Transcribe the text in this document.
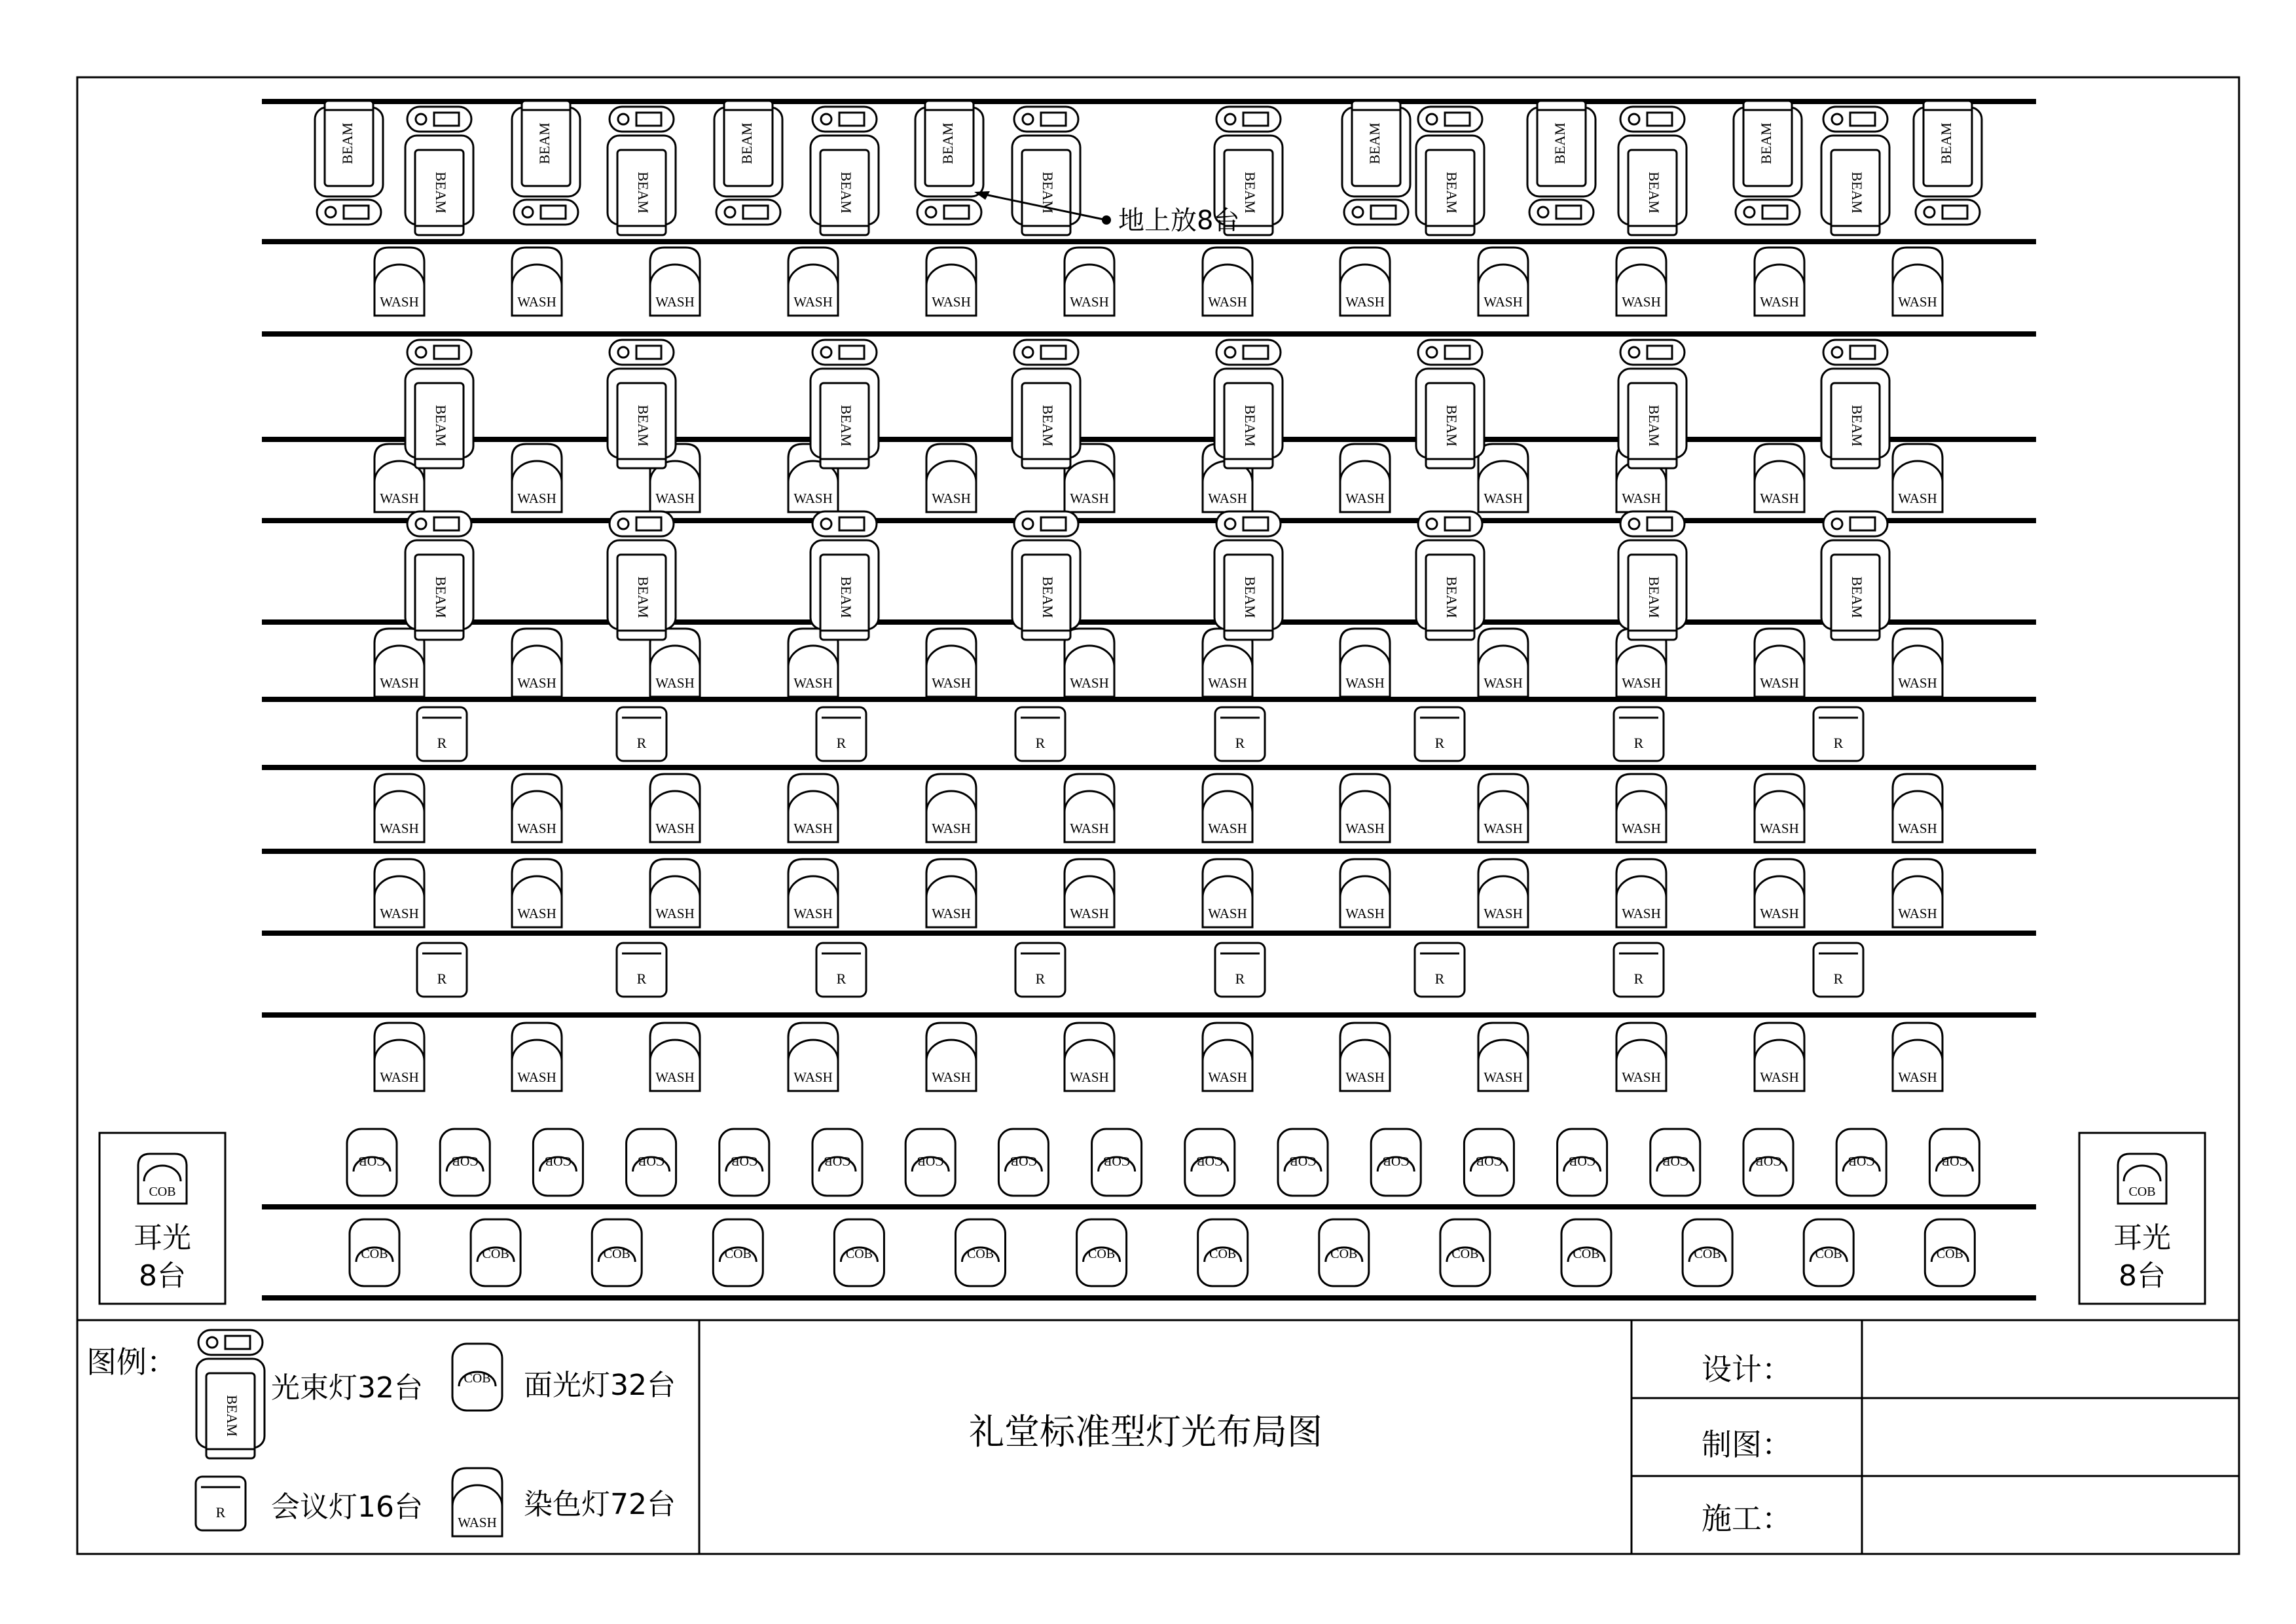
BEAM	BEAM	BEAM	BEAM	BEAM	BEAM	BEAM	BEAM
BEAM	BEAM	BEAM	BEAM	BEAM	BEAM	BEAM	BEAM
WASH	WASH	WASH	WASH	WASH	WASH	WASH	WASH	WASH	WASH	WASH	WASH
WASH	WASH	WASH	WASH	WASH	WASH	WASH	WASH	WASH	WASH	WASH	WASH
WASH	WASH	WASH	WASH	WASH	WASH	WASH	WASH	WASH	WASH	WASH	WASH
WASH	WASH	WASH	WASH	WASH	WASH	WASH	WASH	WASH	WASH	WASH	WASH
WASH	WASH	WASH	WASH	WASH	WASH	WASH	WASH	WASH	WASH	WASH	WASH
WASH	WASH	WASH	WASH	WASH	WASH	WASH	WASH	WASH	WASH	WASH	WASH
BEAM	BEAM	BEAM	BEAM	BEAM	BEAM	BEAM	BEAM
BEAM	BEAM	BEAM	BEAM	BEAM	BEAM	BEAM	BEAM
R	R	R	R	R	R	R	R
R	R	R	R	R	R	R	R
COB	COB	COB	COB	COB	COB	COB	COB	COB	COB	COB	COB	COB	COB	COB	COB	COB	COB
COB	COB	COB	COB	COB	COB	COB	COB	COB	COB	COB	COB	COB	COB
地上放8台
COB
耳光
8台
COB
耳光
8台
图例：
BEAM
COB
R
WASH
光束灯32台	面光灯32台
会议灯16台	染色灯72台
礼堂标准型灯光布局图
设计：
制图：
施工：
